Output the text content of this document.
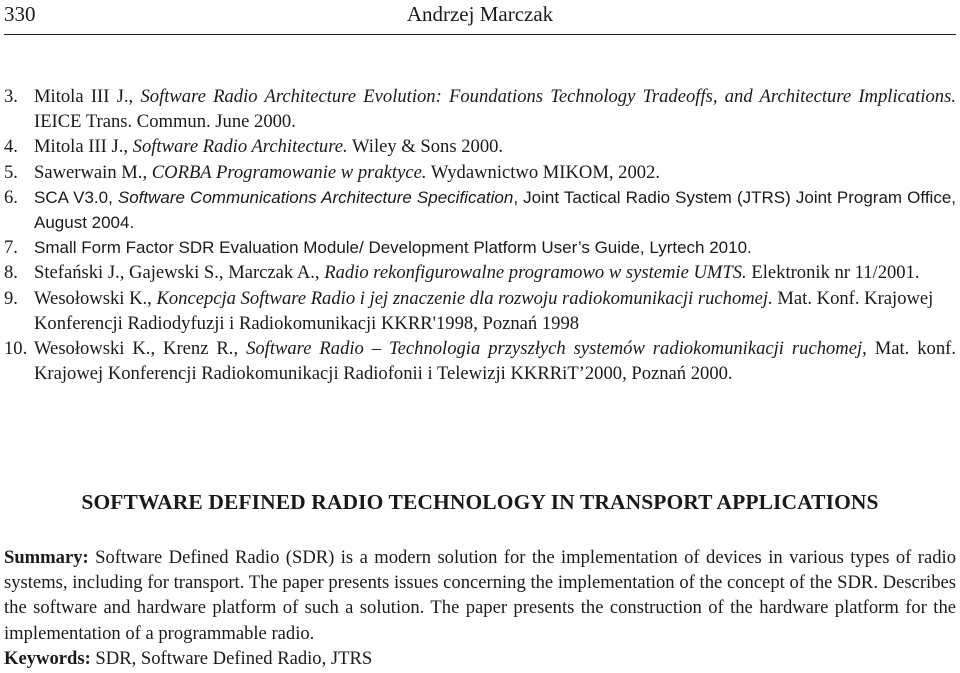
330	Andrzej Marczak
3. Mitola III J., Software Radio Architecture Evolution: Foundations Technology Tradeoffs, and Architecture Implications. IEICE Trans. Commun. June 2000.
4. Mitola III J., Software Radio Architecture. Wiley & Sons 2000.
5. Sawerwain M., CORBA Programowanie w praktyce. Wydawnictwo MIKOM, 2002.
6. SCA V3.0, Software Communications Architecture Specification, Joint Tactical Radio System (JTRS) Joint Program Office, August 2004.
7. Small Form Factor SDR Evaluation Module/ Development Platform User’s Guide, Lyrtech 2010.
8. Stefański J., Gajewski S., Marczak A., Radio rekonfigurowalne programowo w systemie UMTS. Elektronik nr 11/2001.
9. Wesołowski K., Koncepcja Software Radio i jej znaczenie dla rozwoju radiokomunikacji ruchomej. Mat. Konf. Krajowej Konferencji Radiodyfuzji i Radiokomunikacji KKRR'1998, Poznań 1998
10. Wesołowski K., Krenz R., Software Radio – Technologia przyszłych systemów radiokomunikacji ruchomej, Mat. konf. Krajowej Konferencji Radiokomunikacji Radiofonii i Telewizji KKRRiT’2000, Poznań 2000.
SOFTWARE DEFINED RADIO TECHNOLOGY IN TRANSPORT APPLICATIONS
Summary: Software Defined Radio (SDR) is a modern solution for the implementation of devices in various types of radio systems, including for transport. The paper presents issues concerning the implementation of the concept of the SDR. Describes the software and hardware platform of such a solution. The paper presents the construction of the hardware platform for the implementation of a programmable radio.
Keywords: SDR, Software Defined Radio, JTRS
